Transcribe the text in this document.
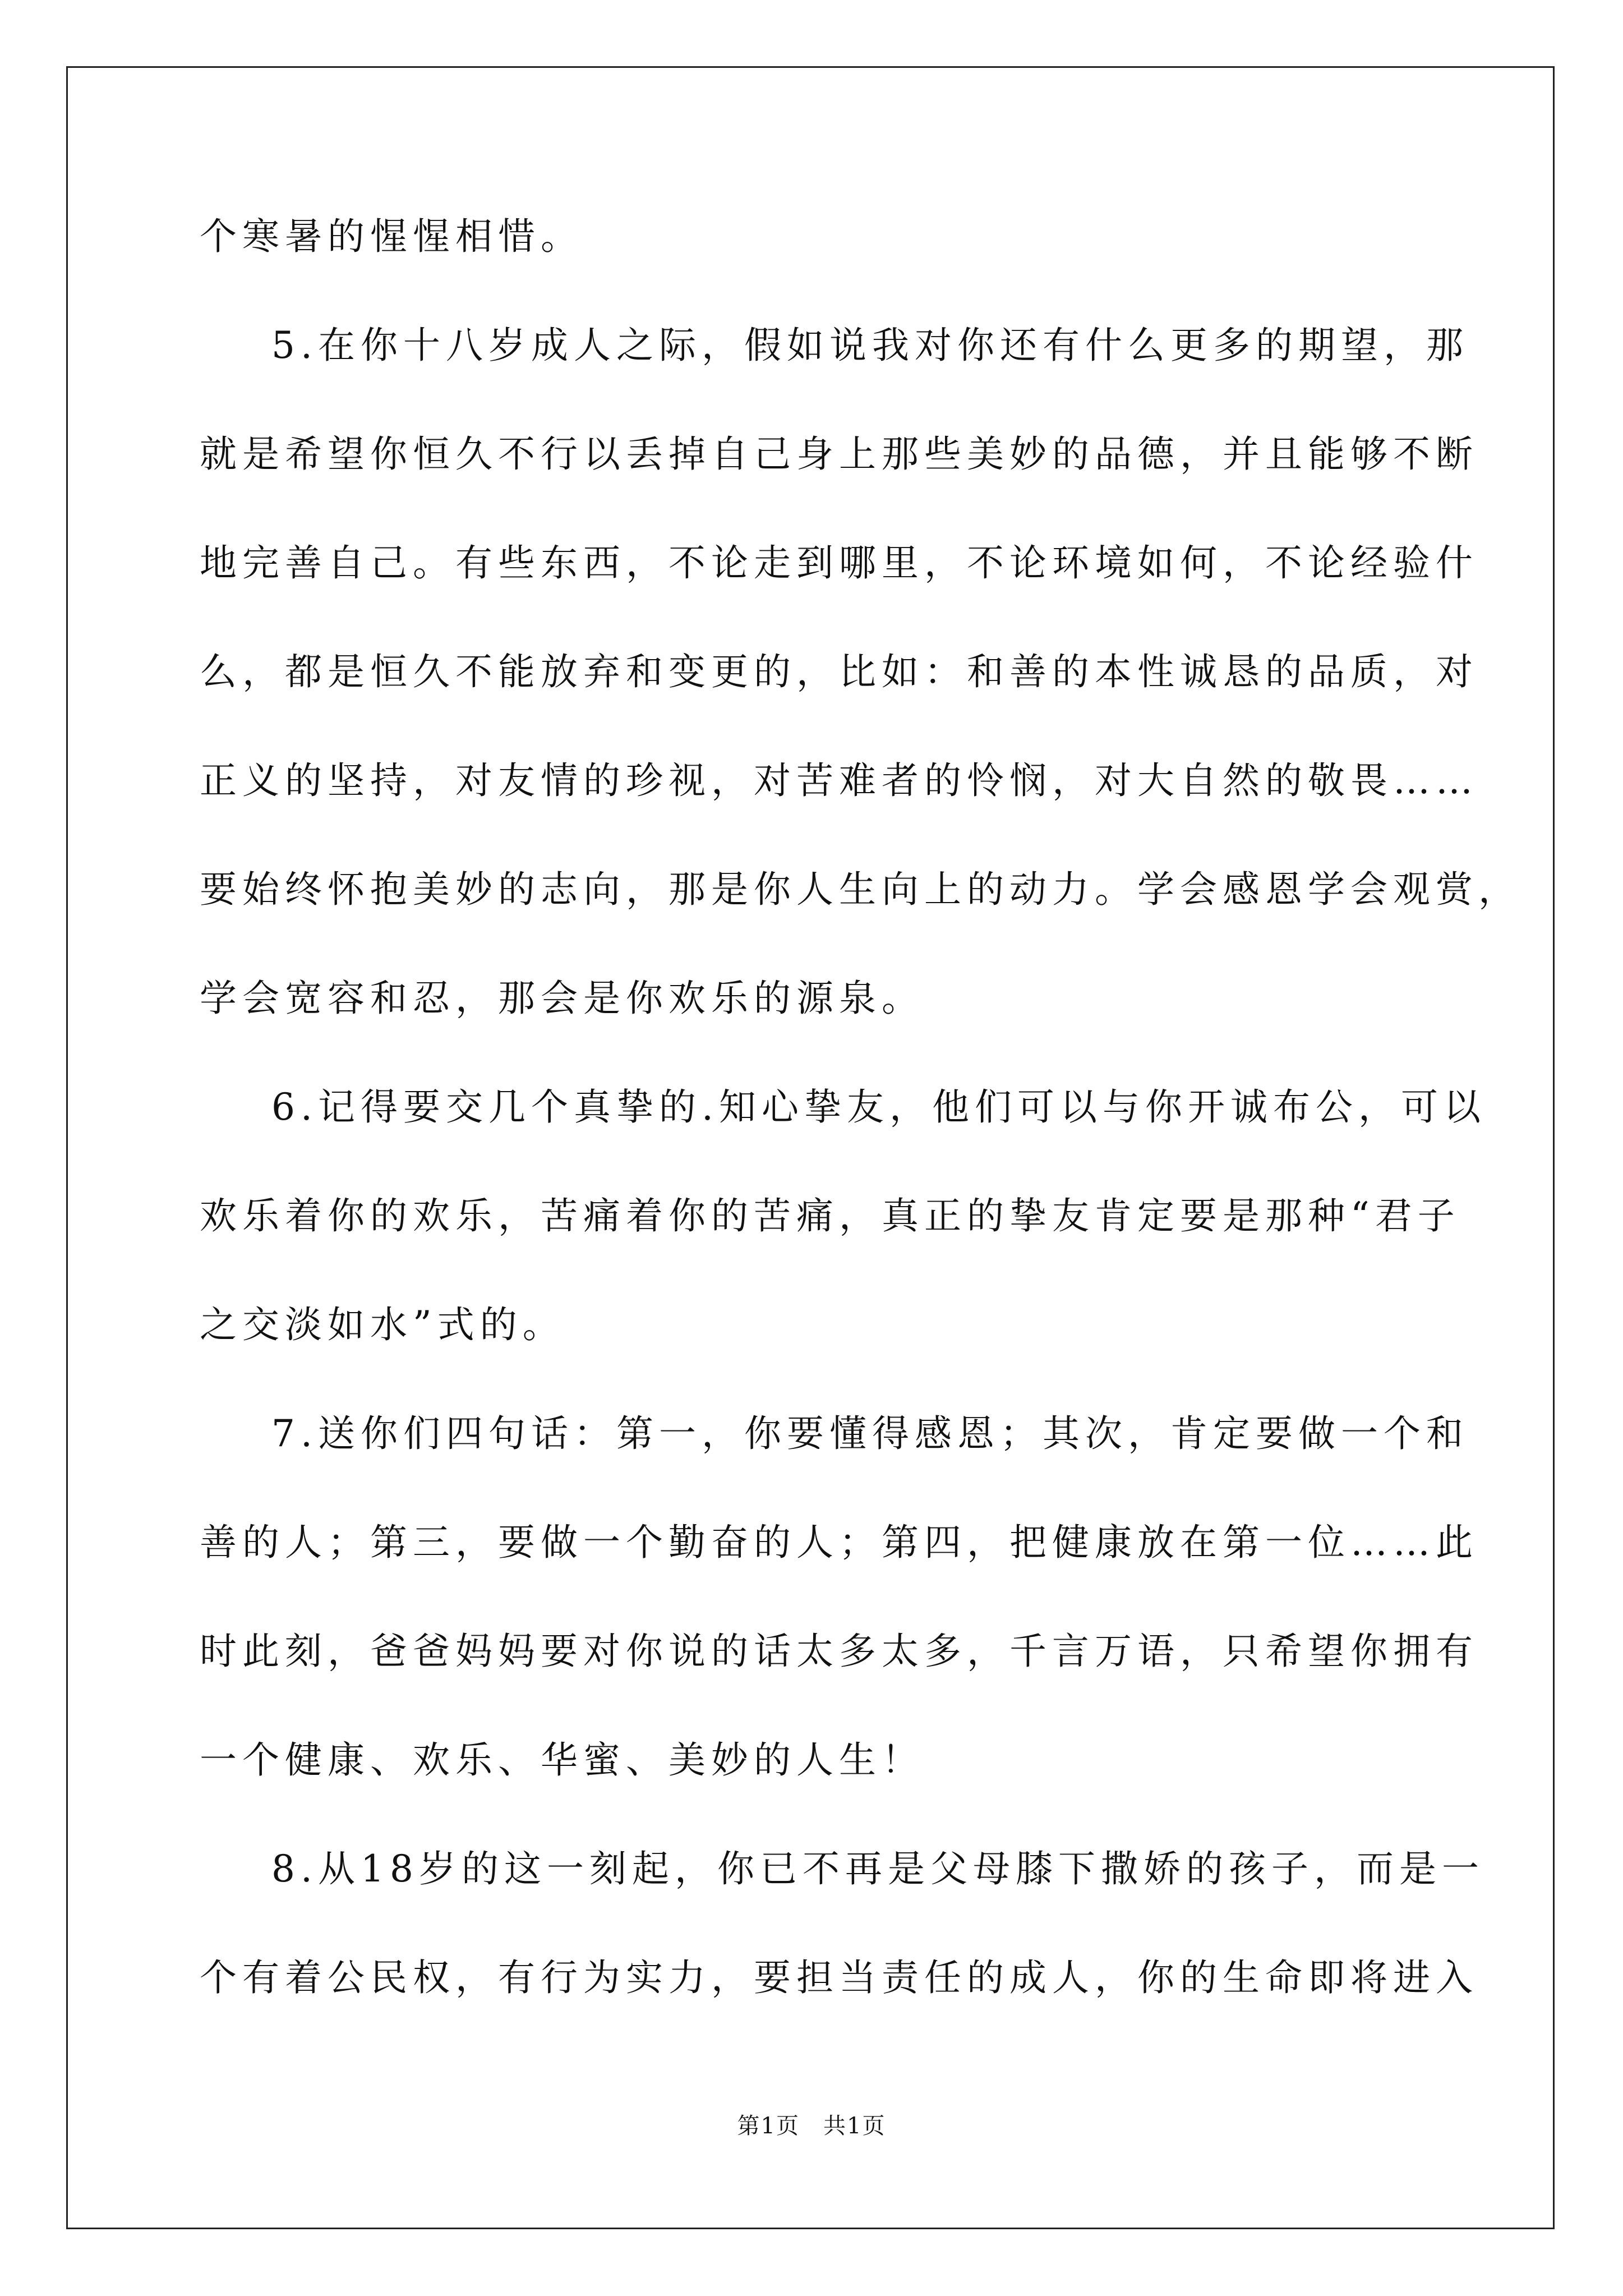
个寒暑的惺惺相惜。
5.在你十八岁成人之际，假如说我对你还有什么更多的期望，那
就是希望你恒久不行以丢掉自己身上那些美妙的品德，并且能够不断
地完善自己。有些东西，不论走到哪里，不论环境如何，不论经验什
么，都是恒久不能放弃和变更的，比如：和善的本性诚恳的品质，对
正义的坚持，对友情的珍视，对苦难者的怜悯，对大自然的敬畏……
要始终怀抱美妙的志向，那是你人生向上的动力。学会感恩学会观赏，
学会宽容和忍，那会是你欢乐的源泉。
6.记得要交几个真挚的.知心挚友，他们可以与你开诚布公，可以
欢乐着你的欢乐，苦痛着你的苦痛，真正的挚友肯定要是那种“君子
之交淡如水”式的。
7.送你们四句话：第一，你要懂得感恩；其次，肯定要做一个和
善的人；第三，要做一个勤奋的人；第四，把健康放在第一位……此
时此刻，爸爸妈妈要对你说的话太多太多，千言万语，只希望你拥有
一个健康、欢乐、华蜜、美妙的人生！
8.从18岁的这一刻起，你已不再是父母膝下撒娇的孩子，而是一
个有着公民权，有行为实力，要担当责任的成人，你的生命即将进入
第1页　共1页
